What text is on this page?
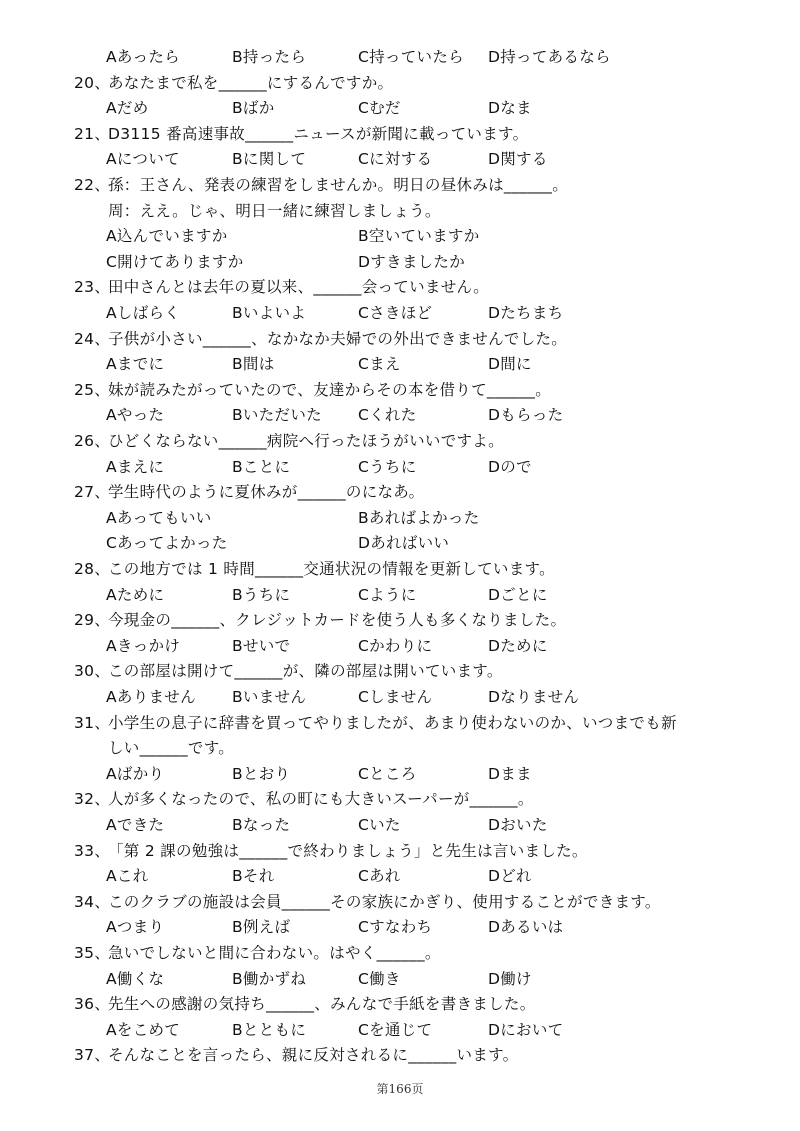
Aあったら	B持ったら	C持っていたら D持ってあるなら
20、
あなたまで私を______にするんですか。
Aだめ	Bばか	Cむだ	Dなま
21、
D3115 番高速事故______ニュースが新聞に載っています。
Aについて	Bに関して	Cに対する	D関する
22、
孫：王さん、発表の練習をしませんか。明日の昼休みは______。
周：ええ。じゃ、明日一緒に練習しましょう。
A込んでいますか	B空いていますか
C開けてありますか	Dすきましたか
23、
田中さんとは去年の夏以来、______会っていません。
Aしばらく	Bいよいよ	Cさきほど	Dたちまち
24、
子供が小さい______、なかなか夫婦での外出できませんでした。
Aまでに	B間は	Cまえ	D間に
25、
妹が読みたがっていたので、友達からその本を借りて______。
Aやった	Bいただいた Cくれた	Dもらった
26、
ひどくならない______病院へ行ったほうがいいですよ。
Aまえに	Bことに	Cうちに	Dので
27、
学生時代のように夏休みが______のになあ。
Aあってもいい	Bあればよかった
Cあってよかった	Dあればいい
28、
この地方では 1 時間______交通状況の情報を更新しています。
Aために	Bうちに	Cように	Dごとに
29、
今現金の______、クレジットカードを使う人も多くなりました。
Aきっかけ	Bせいで	Cかわりに	Dために
30、
この部屋は開けて______が、隣の部屋は開いています。
Aありません Bいません	Cしません	Dなりません
31、
小学生の息子に辞書を買ってやりましたが、あまり使わないのか、いつまでも新
しい______です。
Aばかり	Bとおり	Cところ	Dまま
32、
人が多くなったので、私の町にも大きいスーパーが______。
Aできた	Bなった	Cいた	Dおいた
33、
「第 2 課の勉強は______で終わりましょう」と先生は言いました。
Aこれ	Bそれ	Cあれ	Dどれ
34、
このクラブの施設は会員______その家族にかぎり、使用することができます。
Aつまり	B例えば	Cすなわち	Dあるいは
35、
急いでしないと間に合わない。はやく______。
A働くな	B働かずね	C働き	D働け
36、
先生への感謝の気持ち______、みんなで手紙を書きました。
Aをこめて	Bとともに	Cを通じて	Dにおいて
37、
そんなことを言ったら、親に反対されるに______います。
第166页
